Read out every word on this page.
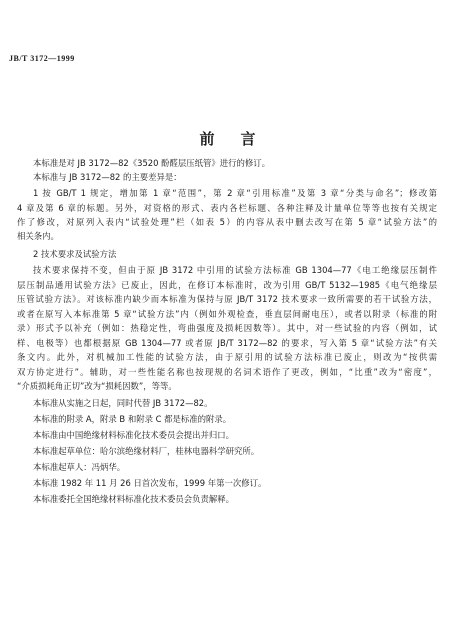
JB/T 3172—1999
前言
本标准是对 JB 3172—82《3520 酚醛层压纸管》进行的修订。
本标准与 JB 3172—82 的主要差异是：
1 按 GB/T 1 规定，增加第 1 章“范围”，第 2 章“引用标准”及第 3 章“分类与命名”；修改第
4 章及第 6 章的标题。另外，对资格的形式、表内各栏标题、各种注释及计量单位等等也按有关规定
作了修改，对原列入表内“试验处理”栏（如表 5）的内容从表中删去改写在第 5 章“试验方法”的
相关条内。
2 技术要求及试验方法
技术要求保持不变，但由于原 JB 3172 中引用的试验方法标准 GB 1304—77《电工绝缘层压制件
层压制品通用试验方法》已废止，因此，在修订本标准时，改为引用 GB/T 5132—1985《电气绝缘层
压管试验方法》。对该标准内缺少而本标准为保持与原 JB/T 3172 技术要求一致所需要的若干试验方法，
或者在原写入本标准第 5 章“试验方法”内（例如外观检查，垂直层间耐电压），或者以附录（标准的附
录）形式予以补充（例如：热稳定性，弯曲强度及损耗因数等）。其中，对一些试验的内容（例如，试
样、电极等）也都根据原 GB 1304—77 或者原 JB/T 3172—82 的要求，写入第 5 章“试验方法”有关
条文内。此外，对机械加工性能的试验方法，由于原引用的试验方法标准已废止，则改为“按供需
双方协定进行”。辅助，对一些性能名称也按现规的名词术语作了更改，例如，“比重”改为“密度”，
“介质损耗角正切”改为“损耗因数”，等等。
本标准从实施之日起，同时代替 JB 3172—82。
本标准的附录 A，附录 B 和附录 C 都是标准的附录。
本标准由中国绝缘材料标准化技术委员会提出并归口。
本标准起草单位：哈尔滨绝缘材料厂，桂林电器科学研究所。
本标准起草人：冯炳华。
本标准 1982 年 11 月 26 日首次发布，1999 年第一次修订。
本标准委托全国绝缘材料标准化技术委员会负责解释。
